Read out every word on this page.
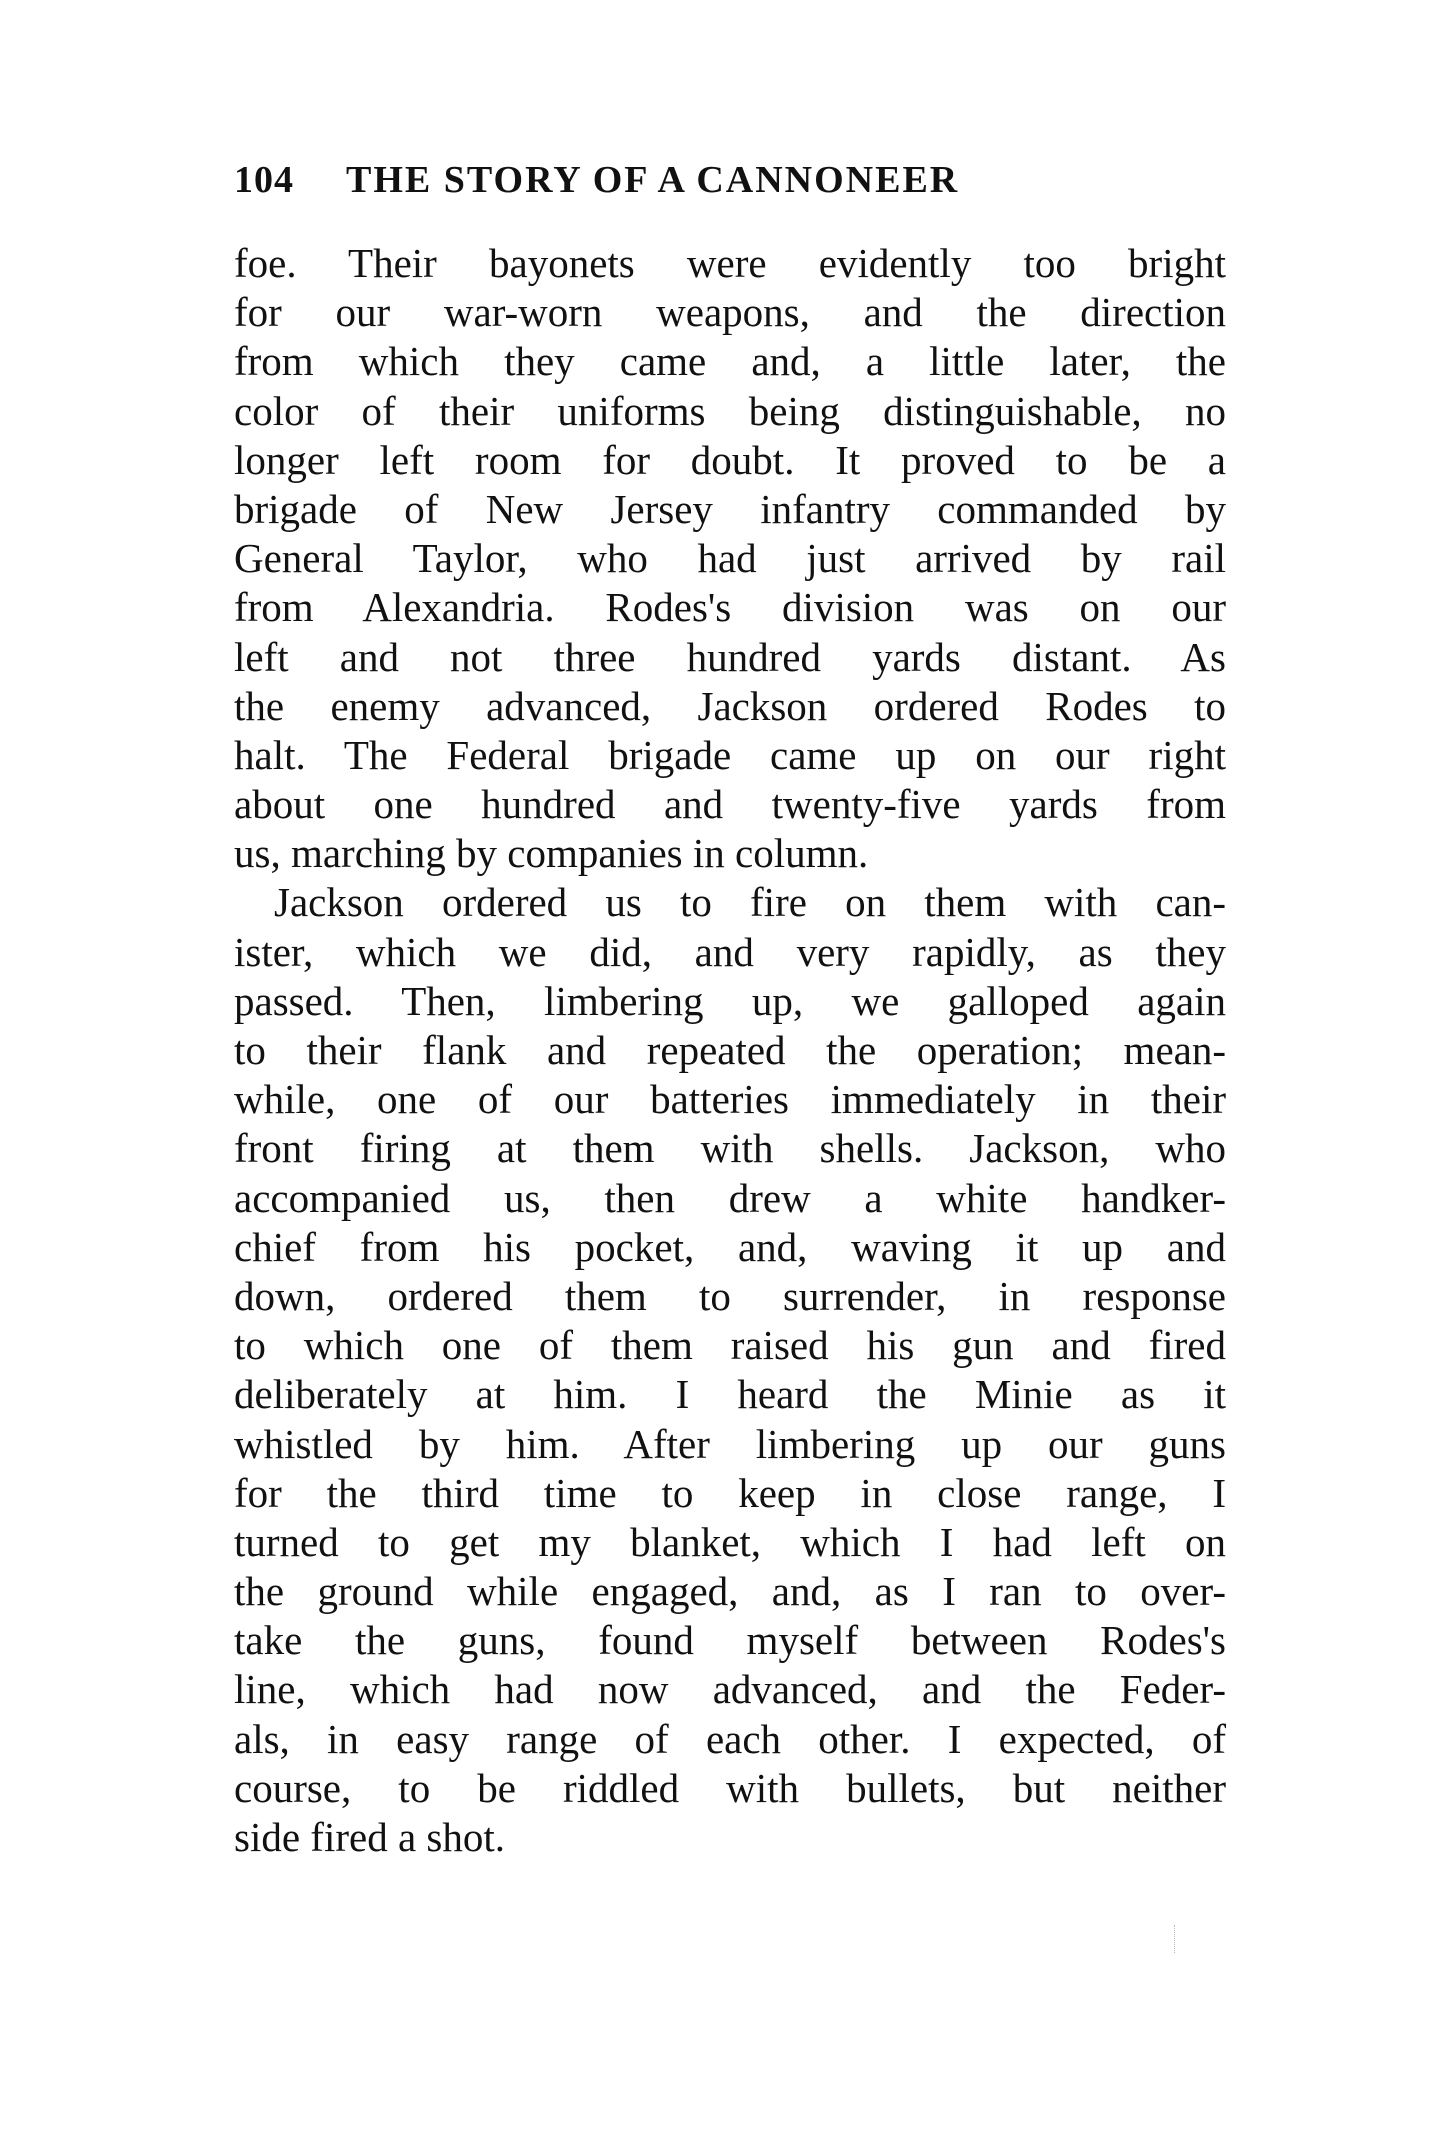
104	THE STORY OF A CANNONEER
foe. Their bayonets were evidently too bright
for our war-worn weapons, and the direction
from which they came and, a little later, the
color of their uniforms being distinguishable, no
longer left room for doubt. It proved to be a
brigade of New Jersey infantry commanded by
General Taylor, who had just arrived by rail
from Alexandria. Rodes's division was on our
left and not three hundred yards distant. As
the enemy advanced, Jackson ordered Rodes to
halt. The Federal brigade came up on our right
about one hundred and twenty-five yards from
us, marching by companies in column.
Jackson ordered us to fire on them with can-
ister, which we did, and very rapidly, as they
passed. Then, limbering up, we galloped again
to their flank and repeated the operation; mean-
while, one of our batteries immediately in their
front firing at them with shells. Jackson, who
accompanied us, then drew a white handker-
chief from his pocket, and, waving it up and
down, ordered them to surrender, in response
to which one of them raised his gun and fired
deliberately at him. I heard the Minie as it
whistled by him. After limbering up our guns
for the third time to keep in close range, I
turned to get my blanket, which I had left on
the ground while engaged, and, as I ran to over-
take the guns, found myself between Rodes's
line, which had now advanced, and the Feder-
als, in easy range of each other. I expected, of
course, to be riddled with bullets, but neither
side fired a shot.
